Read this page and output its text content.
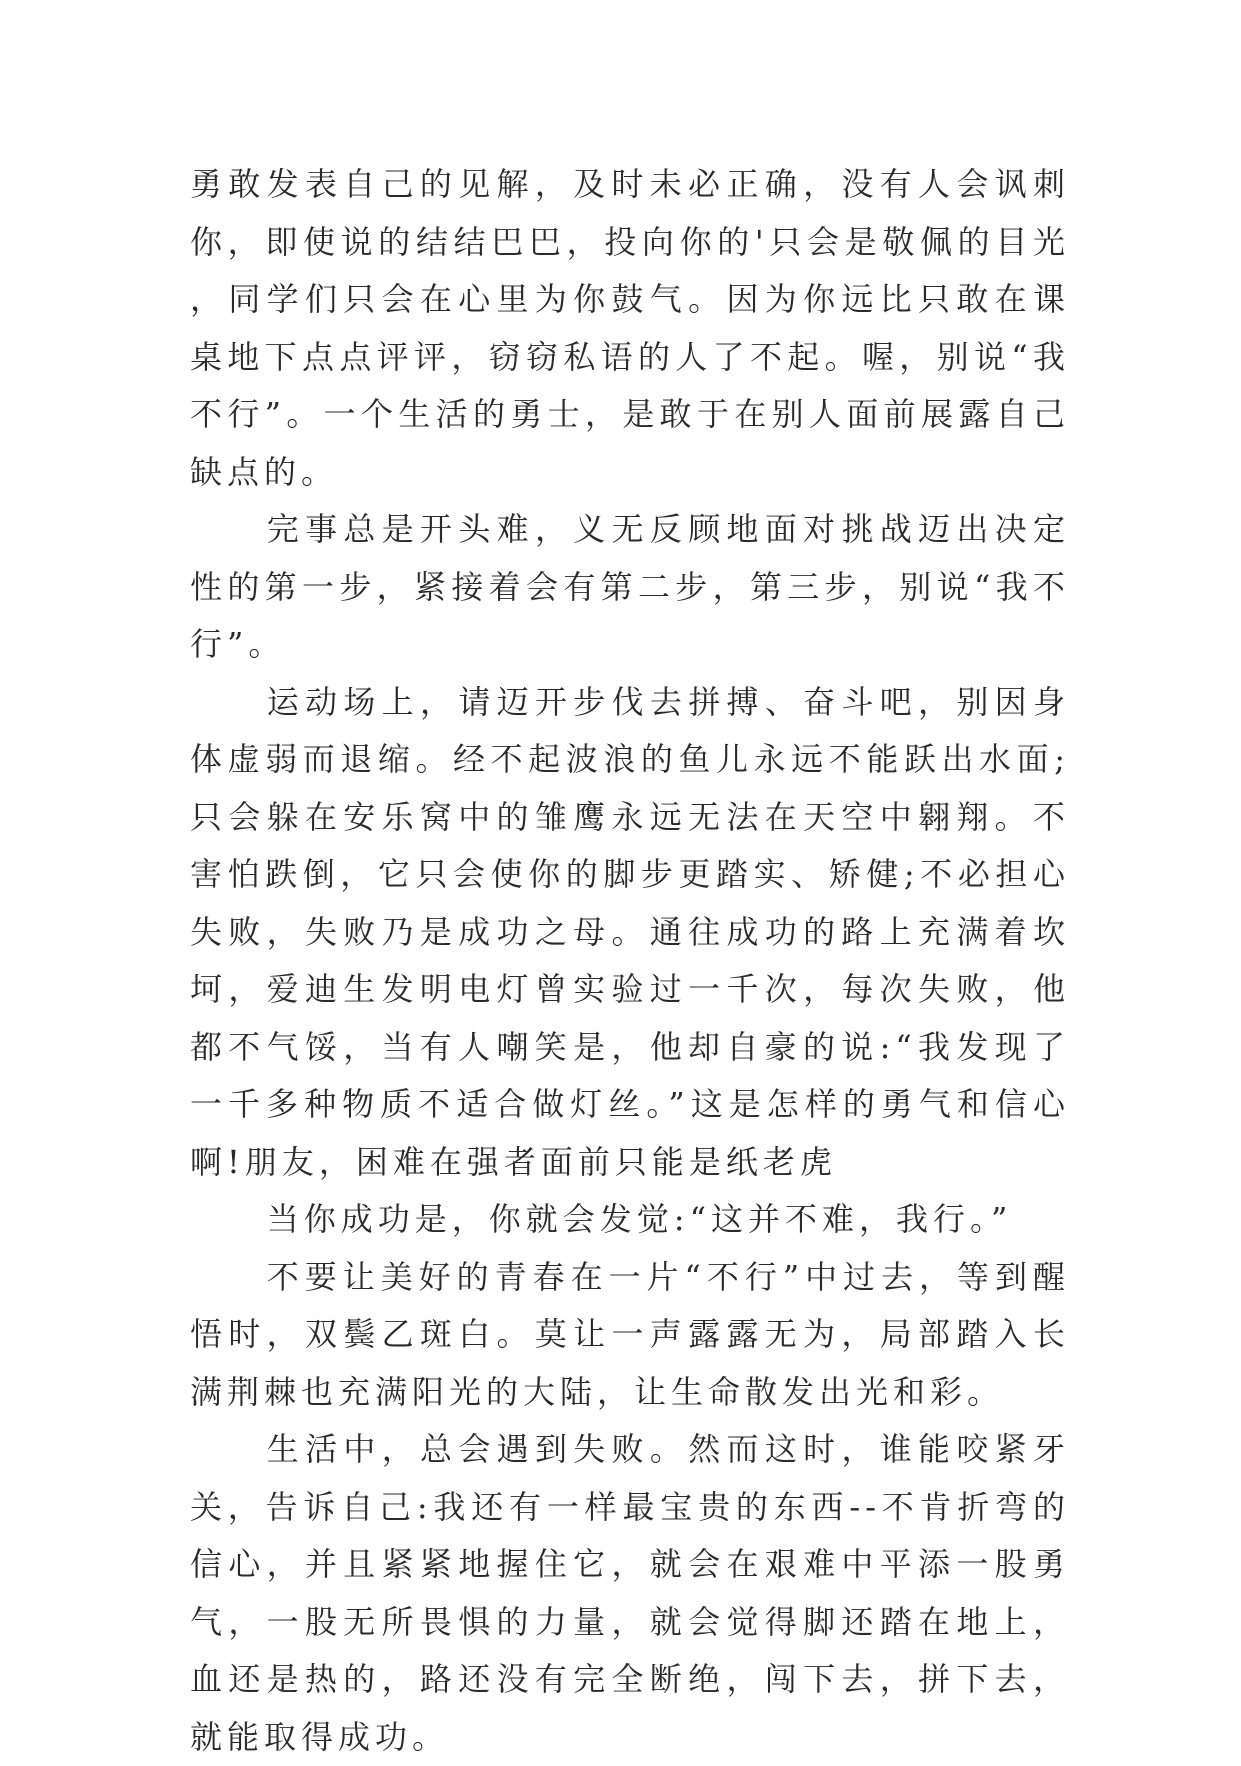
勇敢发表自己的见解，及时未必正确，没有人会讽刺你，即使说的结结巴巴，投向你的'只会是敬佩的目光，同学们只会在心里为你鼓气。因为你远比只敢在课桌地下点点评评，窃窃私语的人了不起。喔，别说“我不行”。一个生活的勇士，是敢于在别人面前展露自己缺点的。

完事总是开头难，义无反顾地面对挑战迈出决定性的第一步，紧接着会有第二步，第三步，别说“我不行”。

运动场上，请迈开步伐去拼搏、奋斗吧，别因身体虚弱而退缩。经不起波浪的鱼儿永远不能跃出水面;只会躲在安乐窝中的雏鹰永远无法在天空中翱翔。不害怕跌倒，它只会使你的脚步更踏实、矫健;不必担心失败，失败乃是成功之母。通往成功的路上充满着坎坷，爱迪生发明电灯曾实验过一千次，每次失败，他都不气馁，当有人嘲笑是，他却自豪的说:“我发现了一千多种物质不适合做灯丝。”这是怎样的勇气和信心啊!朋友，困难在强者面前只能是纸老虎

当你成功是，你就会发觉:“这并不难，我行。”

不要让美好的青春在一片“不行”中过去，等到醒悟时，双鬓乙斑白。莫让一声露露无为，局部踏入长满荆棘也充满阳光的大陆，让生命散发出光和彩。

生活中，总会遇到失败。然而这时，谁能咬紧牙关，告诉自己:我还有一样最宝贵的东西--不肯折弯的信心，并且紧紧地握住它，就会在艰难中平添一股勇气，一股无所畏惧的力量，就会觉得脚还踏在地上，血还是热的，路还没有完全断绝，闯下去，拼下去，就能取得成功。
